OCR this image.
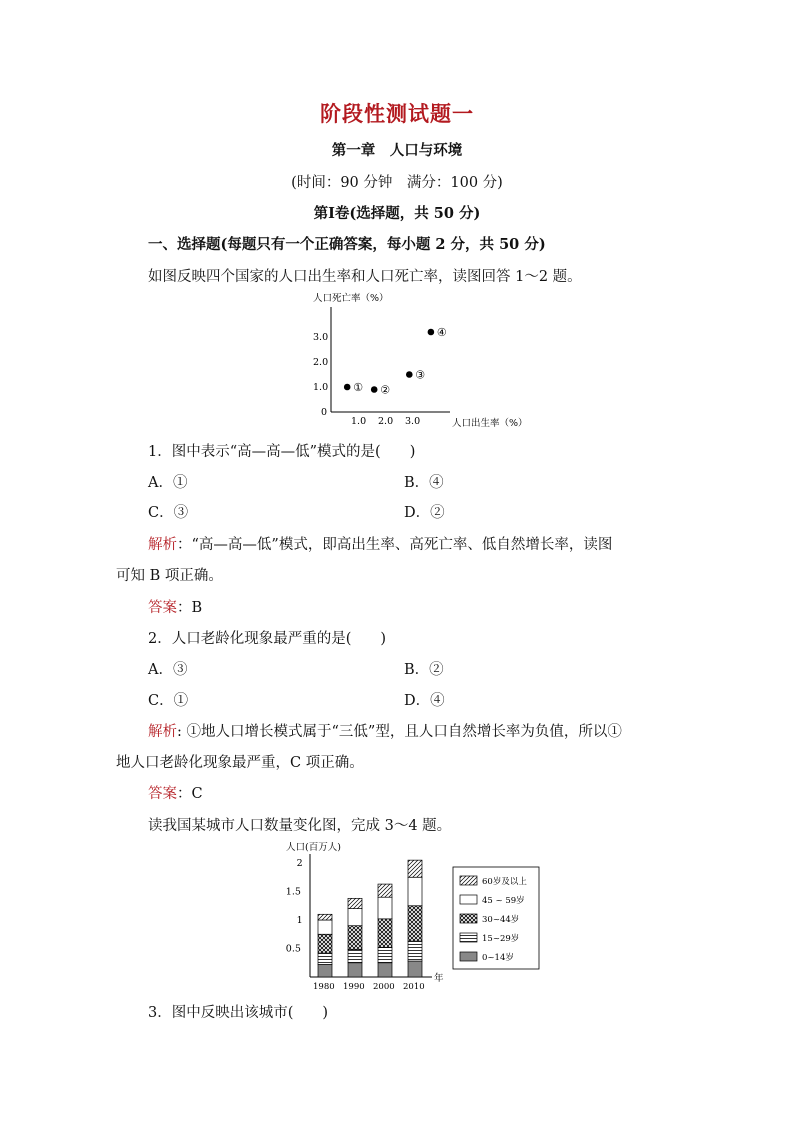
阶段性测试题一
第一章　人口与环境
(时间：90 分钟　满分：100 分)
第Ⅰ卷(选择题，共 50 分)
一、选择题(每题只有一个正确答案，每小题 2 分，共 50 分)
如图反映四个国家的人口出生率和人口死亡率，读图回答 1～2 题。
人口死亡率（%）
人口出生率（%）
0
1.0 2.0 3.0
3.0
2.0
1.0 ① ②
③
④
1．图中表示“高—高—低”模式的是(　　)
A．①	B．④
C．③	D．②
解析：“高—高—低”模式，即高出生率、高死亡率、低自然增长率，读图
可知 B 项正确。
答案：B
2．人口老龄化现象最严重的是(　　)
A．③	B．②
C．①	D．④
解析: ①地人口增长模式属于“三低”型，且人口自然增长率为负值，所以①
地人口老龄化现象最严重，C 项正确。
答案：C
读我国某城市人口数量变化图，完成 3～4 题。
人口(百万人)
年
2
1.5
1
0.5
1980 1990 2000 2010
60岁及以上
45 ~ 59岁
30~44岁
15~29岁
0~14岁
3．图中反映出该城市(　　)
